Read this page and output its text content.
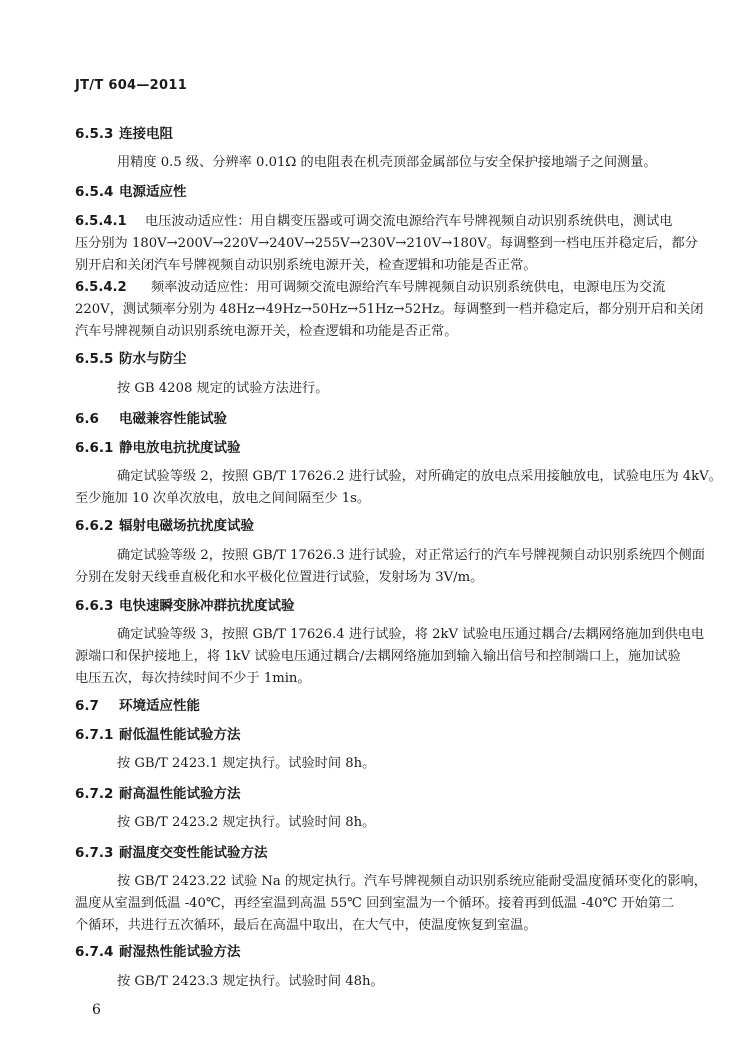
JT/T 604—2011
6.5.3 连接电阻
用精度 0.5 级、分辨率 0.01Ω 的电阻表在机壳顶部金属部位与安全保护接地端子之间测量。
6.5.4 电源适应性
6.5.4.1 电压波动适应性：用自耦变压器或可调交流电源给汽车号牌视频自动识别系统供电，测试电
压分别为 180V→200V→220V→240V→255V→230V→210V→180V。每调整到一档电压并稳定后，都分
别开启和关闭汽车号牌视频自动识别系统电源开关，检查逻辑和功能是否正常。
6.5.4.2 频率波动适应性：用可调频交流电源给汽车号牌视频自动识别系统供电，电源电压为交流
220V，测试频率分别为 48Hz→49Hz→50Hz→51Hz→52Hz。每调整到一档并稳定后，都分别开启和关闭
汽车号牌视频自动识别系统电源开关，检查逻辑和功能是否正常。
6.5.5 防水与防尘
按 GB 4208 规定的试验方法进行。
6.6 电磁兼容性能试验
6.6.1 静电放电抗扰度试验
确定试验等级 2，按照 GB/T 17626.2 进行试验，对所确定的放电点采用接触放电，试验电压为 4kV。
至少施加 10 次单次放电，放电之间间隔至少 1s。
6.6.2 辐射电磁场抗扰度试验
确定试验等级 2，按照 GB/T 17626.3 进行试验，对正常运行的汽车号牌视频自动识别系统四个侧面
分别在发射天线垂直极化和水平极化位置进行试验，发射场为 3V/m。
6.6.3 电快速瞬变脉冲群抗扰度试验
确定试验等级 3，按照 GB/T 17626.4 进行试验，将 2kV 试验电压通过耦合/去耦网络施加到供电电
源端口和保护接地上，将 1kV 试验电压通过耦合/去耦网络施加到输入输出信号和控制端口上，施加试验
电压五次，每次持续时间不少于 1min。
6.7 环境适应性能
6.7.1 耐低温性能试验方法
按 GB/T 2423.1 规定执行。试验时间 8h。
6.7.2 耐高温性能试验方法
按 GB/T 2423.2 规定执行。试验时间 8h。
6.7.3 耐温度交变性能试验方法
按 GB/T 2423.22 试验 Na 的规定执行。汽车号牌视频自动识别系统应能耐受温度循环变化的影响，
温度从室温到低温 -40℃，再经室温到高温 55℃ 回到室温为一个循环。接着再到低温 -40℃ 开始第二
个循环，共进行五次循环，最后在高温中取出，在大气中，使温度恢复到室温。
6.7.4 耐湿热性能试验方法
按 GB/T 2423.3 规定执行。试验时间 48h。
6
